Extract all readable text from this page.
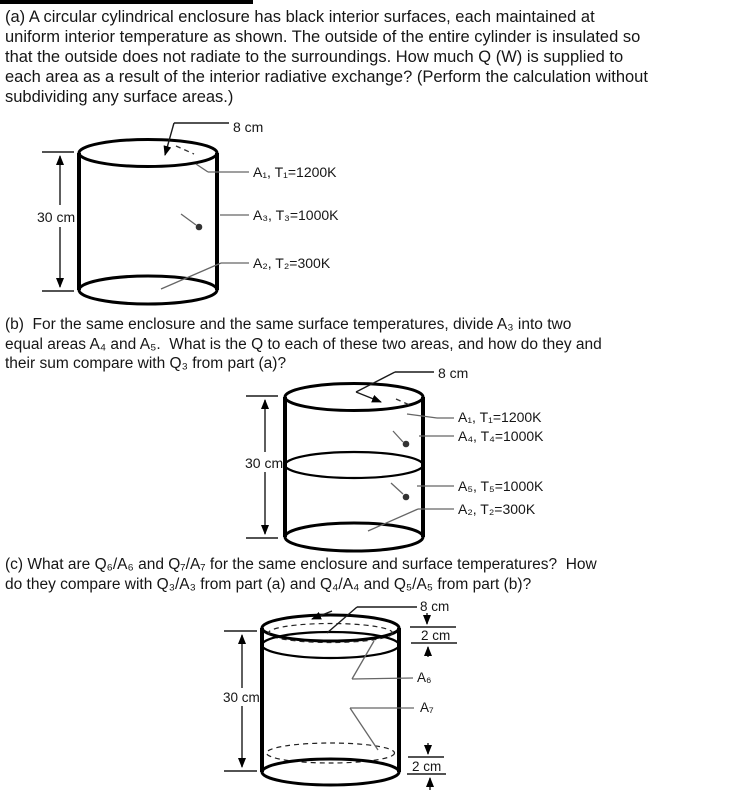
(a) A circular cylindrical enclosure has black interior surfaces, each maintained at
uniform interior temperature as shown. The outside of the entire cylinder is insulated so
that the outside does not radiate to the surroundings. How much Q (W) is supplied to
each area as a result of the interior radiative exchange? (Perform the calculation without
subdividing any surface areas.)
30 cm
8 cm
A₁, T₁=1200K
A₃, T₃=1000K
A₂, T₂=300K
(b)  For the same enclosure and the same surface temperatures, divide A₃ into two
equal areas A₄ and A₅.  What is the Q to each of these two areas, and how do they and
their sum compare with Q₃ from part (a)?
30 cm
8 cm
A₁, T₁=1200K
A₄, T₄=1000K
A₅, T₅=1000K
A₂, T₂=300K
(c) What are Q₆/A₆ and Q₇/A₇ for the same enclosure and surface temperatures?  How
do they compare with Q₃/A₃ from part (a) and Q₄/A₄ and Q₅/A₅ from part (b)?
30 cm
8 cm
2 cm
A₆
A₇
2 cm
